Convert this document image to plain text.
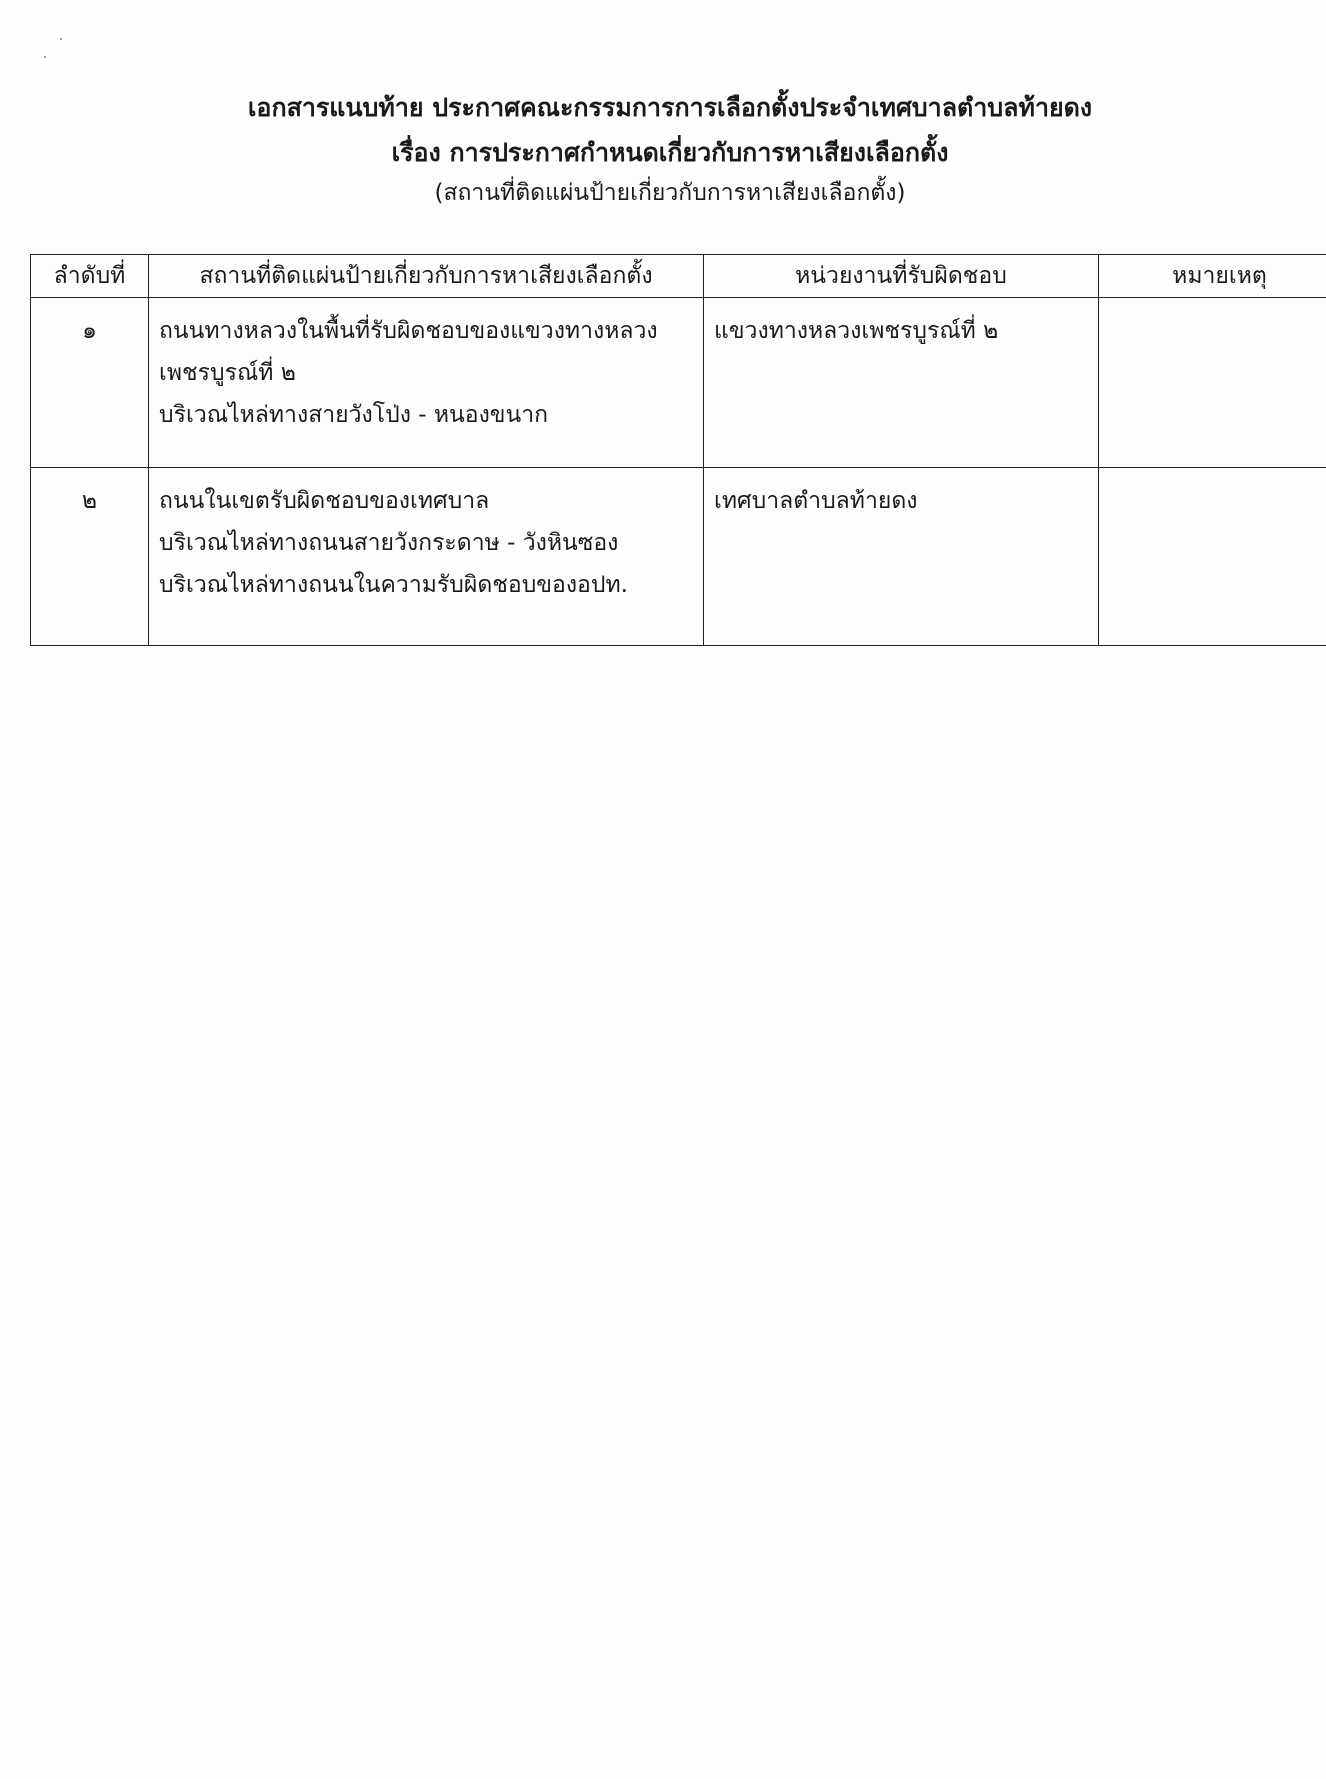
เอกสารแนบท้าย ประกาศคณะกรรมการการเลือกตั้งประจำเทศบาลตำบลท้ายดง
เรื่อง การประกาศกำหนดเกี่ยวกับการหาเสียงเลือกตั้ง
(สถานที่ติดแผ่นป้ายเกี่ยวกับการหาเสียงเลือกตั้ง)
ลำดับที่	สถานที่ติดแผ่นป้ายเกี่ยวกับการหาเสียงเลือกตั้ง	หน่วยงานที่รับผิดชอบ	หมายเหตุ
๑	ถนนทางหลวงในพื้นที่รับผิดชอบของแขวงทางหลวง
เพชรบูรณ์ที่ ๒
บริเวณไหล่ทางสายวังโป่ง - หนองขนาก	แขวงทางหลวงเพชรบูรณ์ที่ ๒	
๒	ถนนในเขตรับผิดชอบของเทศบาล
บริเวณไหล่ทางถนนสายวังกระดาษ - วังหินซอง
บริเวณไหล่ทางถนนในความรับผิดชอบของอปท.	เทศบาลตำบลท้ายดง	
